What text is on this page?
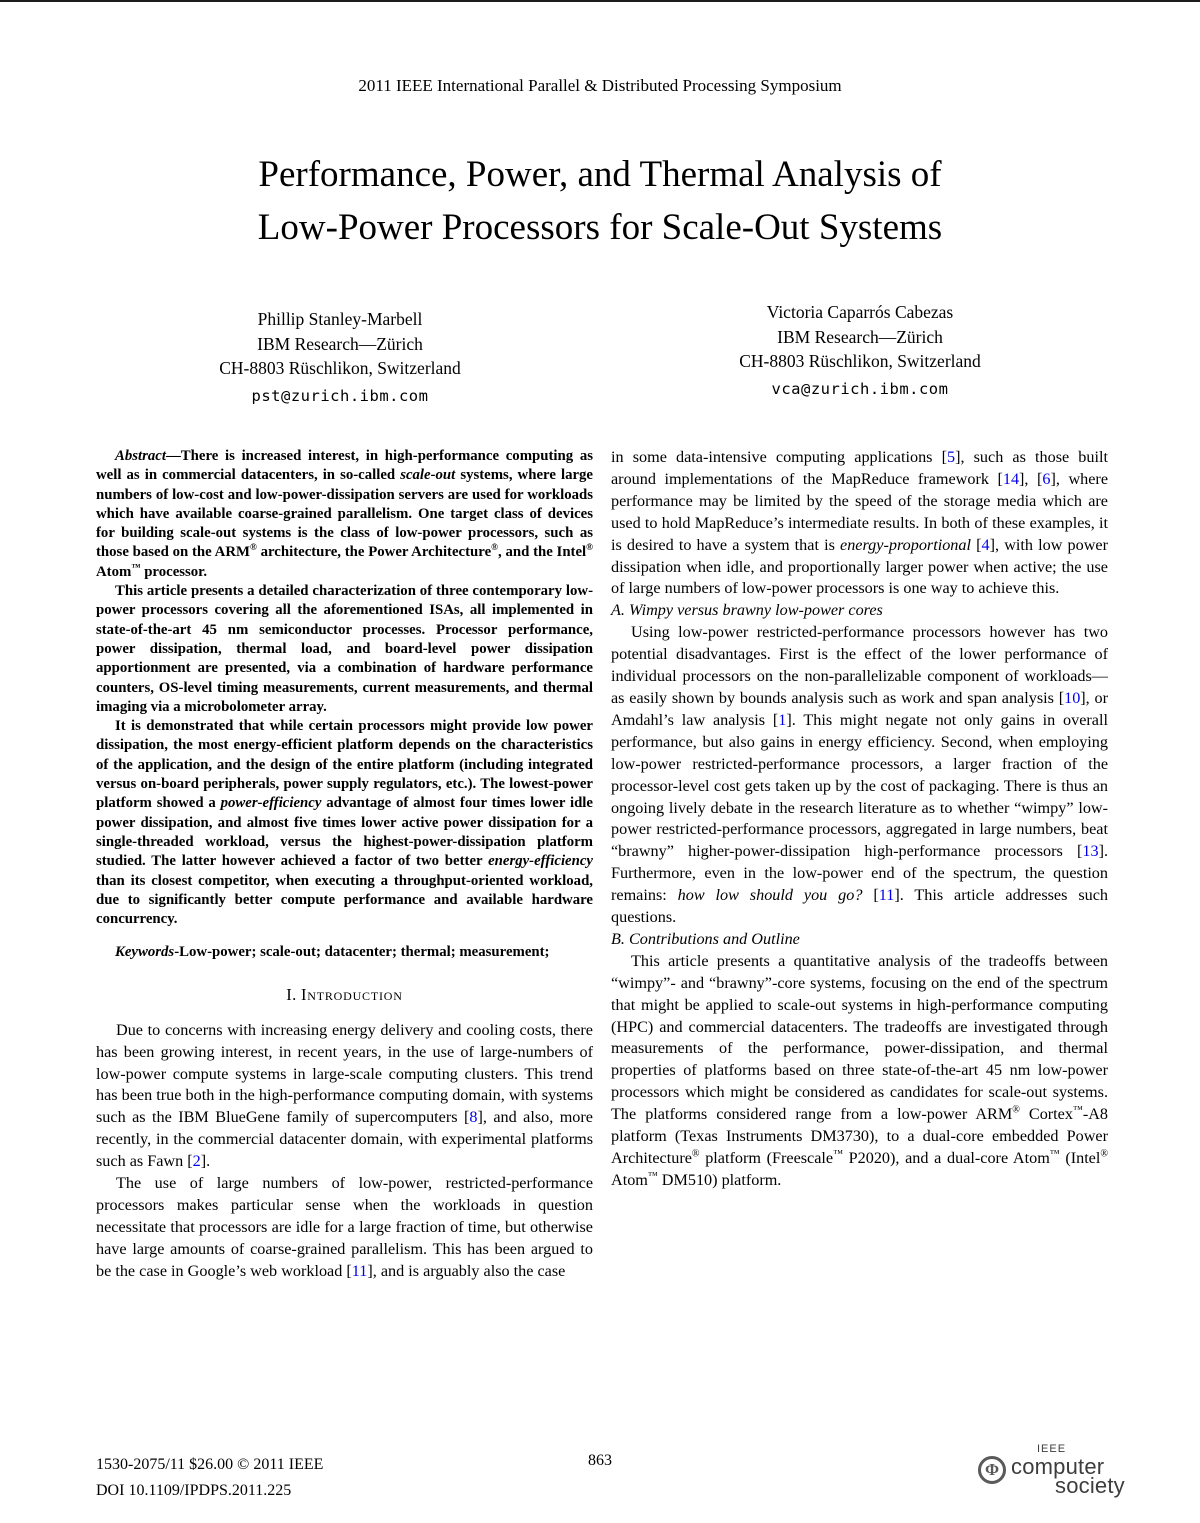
2011 IEEE International Parallel & Distributed Processing Symposium
Performance, Power, and Thermal Analysis of
Low-Power Processors for Scale-Out Systems
Phillip Stanley-Marbell
IBM Research—Zürich
CH-8803 Rüschlikon, Switzerland
pst@zurich.ibm.com
Victoria Caparrós Cabezas
IBM Research—Zürich
CH-8803 Rüschlikon, Switzerland
vca@zurich.ibm.com

Abstract—There is increased interest, in high-performance computing as well as in commercial datacenters, in so-called scale-out systems, where large numbers of low-cost and low-power-dissipation servers are used for workloads which have available coarse-grained parallelism. One target class of devices for building scale-out systems is the class of low-power processors, such as those based on the ARM® architecture, the Power Architecture®, and the Intel® Atom™ processor.

This article presents a detailed characterization of three contemporary low-power processors covering all the aforementioned ISAs, all implemented in state-of-the-art 45 nm semiconductor processes. Processor performance, power dissipation, thermal load, and board-level power dissipation apportionment are presented, via a combination of hardware performance counters, OS-level timing measurements, current measurements, and thermal imaging via a microbolometer array.

It is demonstrated that while certain processors might provide low power dissipation, the most energy-efficient platform depends on the characteristics of the application, and the design of the entire platform (including integrated versus on-board peripherals, power supply regulators, etc.). The lowest-power platform showed a power-efficiency advantage of almost four times lower idle power dissipation, and almost five times lower active power dissipation for a single-threaded workload, versus the highest-power-dissipation platform studied. The latter however achieved a factor of two better energy-efficiency than its closest competitor, when executing a throughput-oriented workload, due to significantly better compute performance and available hardware concurrency.

Keywords-Low-power; scale-out; datacenter; thermal; measurement;

I. Introduction

Due to concerns with increasing energy delivery and cooling costs, there has been growing interest, in recent years, in the use of large-numbers of low-power compute systems in large-scale computing clusters. This trend has been true both in the high-performance computing domain, with systems such as the IBM BlueGene family of supercomputers [8], and also, more recently, in the commercial datacenter domain, with experimental platforms such as Fawn [2].

The use of large numbers of low-power, restricted-performance processors makes particular sense when the workloads in question necessitate that processors are idle for a large fraction of time, but otherwise have large amounts of coarse-grained parallelism. This has been argued to be the case in Google’s web workload [11], and is arguably also the case

in some data-intensive computing applications [5], such as those built around implementations of the MapReduce framework [14], [6], where performance may be limited by the speed of the storage media which are used to hold MapReduce’s intermediate results. In both of these examples, it is desired to have a system that is energy-proportional [4], with low power dissipation when idle, and proportionally larger power when active; the use of large numbers of low-power processors is one way to achieve this.

A. Wimpy versus brawny low-power cores

Using low-power restricted-performance processors however has two potential disadvantages. First is the effect of the lower performance of individual processors on the non-parallelizable component of workloads—as easily shown by bounds analysis such as work and span analysis [10], or Amdahl’s law analysis [1]. This might negate not only gains in overall performance, but also gains in energy efficiency. Second, when employing low-power restricted-performance processors, a larger fraction of the processor-level cost gets taken up by the cost of packaging. There is thus an ongoing lively debate in the research literature as to whether “wimpy” low-power restricted-performance processors, aggregated in large numbers, beat “brawny” higher-power-dissipation high-performance processors [13]. Furthermore, even in the low-power end of the spectrum, the question remains: how low should you go? [11]. This article addresses such questions.

B. Contributions and Outline

This article presents a quantitative analysis of the tradeoffs between “wimpy”- and “brawny”-core systems, focusing on the end of the spectrum that might be applied to scale-out systems in high-performance computing (HPC) and commercial datacenters. The tradeoffs are investigated through measurements of the performance, power-dissipation, and thermal properties of platforms based on three state-of-the-art 45 nm low-power processors which might be considered as candidates for scale-out systems. The platforms considered range from a low-power ARM® Cortex™-A8 platform (Texas Instruments DM3730), to a dual-core embedded Power Architecture® platform (Freescale™ P2020), and a dual-core Atom™ (Intel® Atom™ DM510) platform.

1530-2075/11 $26.00 © 2011 IEEE
DOI 10.1109/IPDPS.2011.225
863	Φ
IEEE
computer
society
